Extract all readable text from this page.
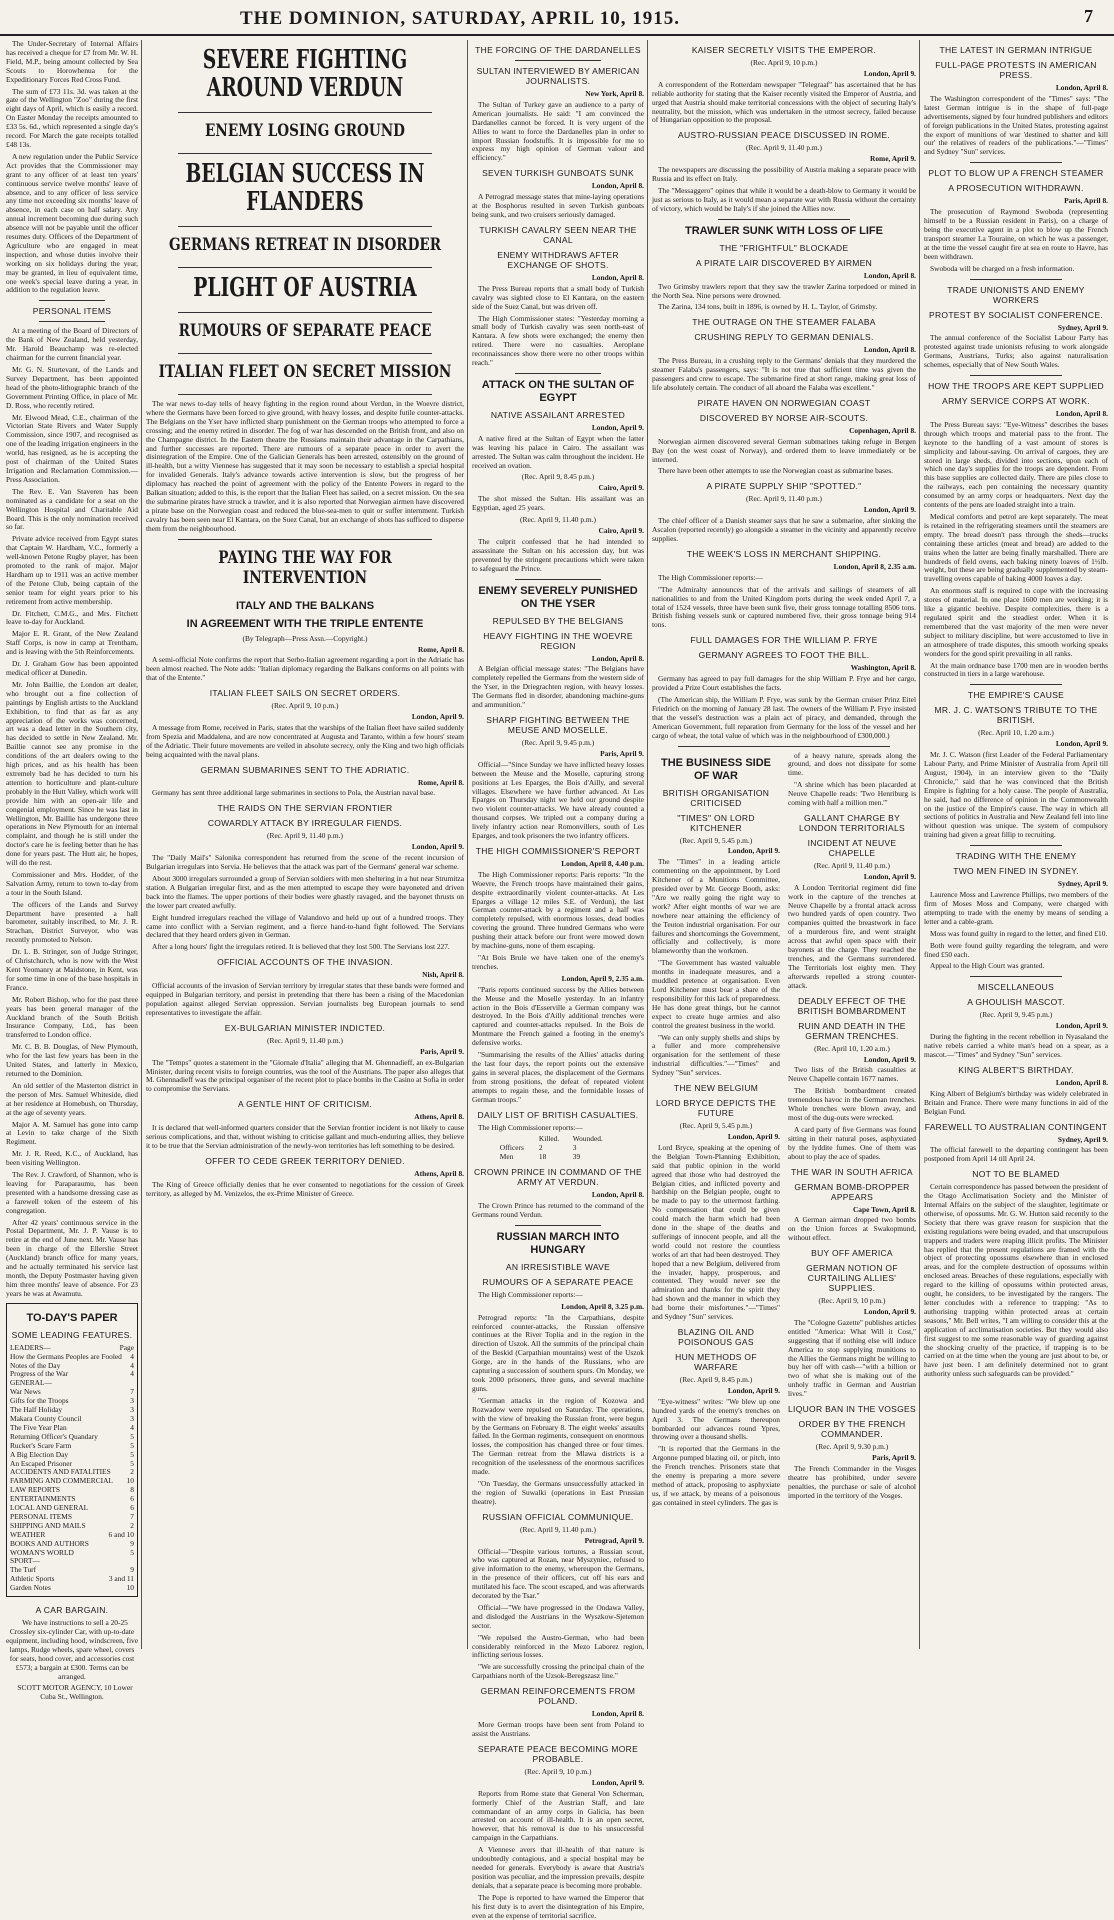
THE DOMINION, SATURDAY, APRIL 10, 1915.	7

The Under-Secretary of Internal Affairs has received a cheque for £7 from Mr. W. H. Field, M.P., being amount collected by Sea Scouts to Horowhenua for the Expeditionary Forces Red Cross Fund.

The sum of £73 11s. 3d. was taken at the gate of the Wellington "Zoo" during the first eight days of April, which is easily a record. On Easter Monday the receipts amounted to £33 5s. 6d., which represented a single day's record. For March the gate receipts totalled £48 13s.

A new regulation under the Public Service Act provides that the Commissioner may grant to any officer of at least ten years' continuous service twelve months' leave of absence, and to any officer of less service any time not exceeding six months' leave of absence, in each case on half salary. Any annual increment becoming due during such absence will not be payable until the officer resumes duty. Officers of the Department of Agriculture who are engaged in meat inspection, and whose duties involve their working on six holidays during the year, may be granted, in lieu of equivalent time, one week's special leave during a year, in addition to the regulation leave.

PERSONAL ITEMS

At a meeting of the Board of Directors of the Bank of New Zealand, held yesterday, Mr. Harold Beauchamp was re-elected chairman for the current financial year.

Mr. G. N. Sturtevant, of the Lands and Survey Department, has been appointed head of the photo-lithographic branch of the Government Printing Office, in place of Mr. D. Ross, who recently retired.

Mr. Elwood Mead, C.E., chairman of the Victorian State Rivers and Water Supply Commission, since 1907, and recognised as one of the leading irrigation engineers in the world, has resigned, as he is accepting the post of chairman of the United States Irrigation and Reclamation Commission.—Press Association.

The Rev. E. Van Staveren has been nominated as a candidate for a seat on the Wellington Hospital and Charitable Aid Board. This is the only nomination received so far.

Private advice received from Egypt states that Captain W. Hardham, V.C., formerly a well-known Petone Rugby player, has been promoted to the rank of major. Major Hardham up to 1911 was an active member of the Petone Club, being captain of the senior team for eight years prior to his retirement from active membership.

Dr. Fitchett, C.M.G., and Mrs. Fitchett leave to-day for Auckland.

Major E. R. Grant, of the New Zealand Staff Corps, is now in camp at Trentham, and is leaving with the 5th Reinforcements.

Dr. J. Graham Gow has been appointed medical officer at Dunedin.

Mr. John Baillie, the London art dealer, who brought out a fine collection of paintings by English artists to the Auckland Exhibition, to find that as far as any appreciation of the works was concerned, art was a dead letter in the Southern city, has decided to settle in New Zealand. Mr. Baillie cannot see any promise in the conditions of the art dealers owing to the high prices, and as his health has been extremely bad he has decided to turn his attention to horticulture and plant-culture probably in the Hutt Valley, which work will provide him with an open-air life and congenial employment. Since he was last in Wellington, Mr. Baillie has undergone three operations in New Plymouth for an internal complaint, and though he is still under the doctor's care he is feeling better than he has done for years past. The Hutt air, he hopes, will do the rest.

Commissioner and Mrs. Hodder, of the Salvation Army, return to town to-day from a tour in the South Island.

The officers of the Lands and Survey Department have presented a hall barometer, suitably inscribed, to Mr. J. R. Strachan, District Surveyor, who was recently promoted to Nelson.

Dr. L. B. Stringer, son of Judge Stringer, of Christchurch, who is now with the West Kent Yeomanry at Maidstone, in Kent, was for some time in one of the base hospitals in France.

Mr. Robert Bishop, who for the past three years has been general manager of the Auckland branch of the South British Insurance Company, Ltd., has been transferred to London office.

Mr. C. B. B. Douglas, of New Plymouth, who for the last few years has been in the United States, and latterly in Mexico, returned to the Dominion.

An old settler of the Masterton district in the person of Mrs. Samuel Whiteside, died at her residence at Homebush, on Thursday, at the age of seventy years.

Major A. M. Samuel has gone into camp at Levin to take charge of the Sixth Regiment.

Mr. J. R. Reed, K.C., of Auckland, has been visiting Wellington.

The Rev. J. Crawford, of Shannon, who is leaving for Paraparaumu, has been presented with a handsome dressing case as a farewell token of the esteem of his congregation.

After 42 years' continuous service in the Postal Department, Mr. J. P. Vause is to retire at the end of June next. Mr. Vause has been in charge of the Ellerslie Street (Auckland) branch office for many years, and he actually terminated his service last month, the Deputy Postmaster having given him three months' leave of absence. For 23 years he was at Awamutu.

TO-DAY'S PAPER
SOME LEADING FEATURES.
LEADERS—	Page
How the Germans Peoples are Fooled	4
Notes of the Day	4
Progress of the War	4
GENERAL—
War News	7
Gifts for the Troops	3
The Half Holiday	3
Makara County Council	3
The Five Year Plan	4
Returning Officer's Quandary	5
Rucker's Scare Farm	5
A Big Election Day	5
An Escaped Prisoner	5
ACCIDENTS AND FATALITIES	2
FARMING AND COMMERCIAL	10
LAW REPORTS	8
ENTERTAINMENTS	6
LOCAL AND GENERAL	6
PERSONAL ITEMS	7
SHIPPING AND MAILS	2
WEATHER	6 and 10
BOOKS AND AUTHORS	9
WOMAN'S WORLD	5
SPORT—
The Turf	9
Athletic Sports	3 and 11
Garden Notes	10
A CAR BARGAIN.

We have instructions to sell a 20-25 Crossley six-cylinder Car, with up-to-date equipment, including hood, windscreen, five lamps, Rudge wheels, spare wheel, covers for seats, hood cover, and accessories cost £573; a bargain at £300. Terms can be arranged.

SCOTT MOTOR AGENCY, 10 Lower Cuba St., Wellington.

SEVERE FIGHTING AROUND VERDUN
ENEMY LOSING GROUND
BELGIAN SUCCESS IN FLANDERS
GERMANS RETREAT IN DISORDER
PLIGHT OF AUSTRIA
RUMOURS OF SEPARATE PEACE
ITALIAN FLEET ON SECRET MISSION

The war news to-day tells of heavy fighting in the region round about Verdun, in the Woevre district, where the Germans have been forced to give ground, with heavy losses, and despite futile counter-attacks. The Belgians on the Yser have inflicted sharp punishment on the German troops who attempted to force a crossing; and the enemy retired in disorder. The fog of war has descended on the British front, and also on the Champagne district. In the Eastern theatre the Russians maintain their advantage in the Carpathians, and further successes are reported. There are rumours of a separate peace in order to avert the disintegration of the Empire. One of the Galician Generals has been arrested, ostensibly on the ground of ill-health, but a witty Viennese has suggested that it may soon be necessary to establish a special hospital for invalided Generals. Italy's advance towards active intervention is slow, but the progress of her diplomacy has reached the point of agreement with the policy of the Entente Powers in regard to the Balkan situation; added to this, is the report that the Italian Fleet has sailed, on a secret mission. On the sea the submarine pirates have struck a trawler, and it is also reported that Norwegian airmen have discovered a pirate base on the Norwegian coast and reduced the blue-sea-men to quit or suffer internment. Turkish cavalry has been seen near El Kantara, on the Suez Canal, but an exchange of shots has sufficed to disperse them from the neighbourhood.

PAYING THE WAY FOR INTERVENTION
ITALY AND THE BALKANS
IN AGREEMENT WITH THE TRIPLE ENTENTE
(By Telegraph—Press Assn.—Copyright.)
Rome, April 8.

A semi-official Note confirms the report that Serbo-Italian agreement regarding a port in the Adriatic has been almost reached. The Note adds: "Italian diplomacy regarding the Balkans conforms on all points with that of the Entente."

ITALIAN FLEET SAILS ON SECRET ORDERS.
(Rec. April 9, 10 p.m.)
London, April 9.

A message from Rome, received in Paris, states that the warships of the Italian fleet have sailed suddenly from Spezia and Maddalena, and are now concentrated at Augusta and Taranto, within a few hours' steam of the Adriatic. Their future movements are veiled in absolute secrecy, only the King and two high officials being acquainted with the naval plans.

GERMAN SUBMARINES SENT TO THE ADRIATIC.
Rome, April 8.

Germany has sent three additional large submarines in sections to Pola, the Austrian naval base.

THE RAIDS ON THE SERVIAN FRONTIER
COWARDLY ATTACK BY IRREGULAR FIENDS.
(Rec. April 9, 11.40 p.m.)
London, April 9.

The "Daily Mail's" Salonika correspondent has returned from the scene of the recent incursion of Bulgarian irregulars into Servia. He believes that the attack was part of the Germans' general war scheme.

About 3000 irregulars surrounded a group of Servian soldiers with men sheltering in a hut near Strumitza station. A Bulgarian irregular first, and as the men attempted to escape they were bayoneted and driven back into the flames. The upper portions of their bodies were ghastly ravaged, and the bayonet thrusts on the lower part created awfully.

Eight hundred irregulars reached the village of Valandovo and held up out of a hundred troops. They came into conflict with a Servian regiment, and a fierce hand-to-hand fight followed. The Servians declared that they heard orders given in German.

After a long hours' fight the irregulars retired. It is believed that they lost 500. The Servians lost 227.

OFFICIAL ACCOUNTS OF THE INVASION.
Nish, April 8.

Official accounts of the invasion of Servian territory by irregular states that these bands were formed and equipped in Bulgarian territory, and persist in pretending that there has been a rising of the Macedonian population against alleged Servian oppression. Servian journalists beg European journals to send representatives to investigate the affair.

EX-BULGARIAN MINISTER INDICTED.
(Rec. April 9, 11.40 p.m.)
Paris, April 9.

The "Temps" quotes a statement in the "Giornale d'Italia" alleging that M. Ghennadieff, an ex-Bulgarian Minister, during recent visits to foreign countries, was the tool of the Austrians. The paper also alleges that M. Ghennadieff was the principal organiser of the recent plot to place bombs in the Casino at Sofia in order to compromise the Servians.

A GENTLE HINT OF CRITICISM.
Athens, April 8.

It is declared that well-informed quarters consider that the Servian frontier incident is not likely to cause serious complications, and that, without wishing to criticise gallant and much-enduring allies, they believe it to be true that the Servian administration of the newly-won territories has left something to be desired.

OFFER TO CEDE GREEK TERRITORY DENIED.
Athens, April 8.

The King of Greece officially denies that he ever consented to negotiations for the cession of Greek territory, as alleged by M. Venizelos, the ex-Prime Minister of Greece.

THE FORCING OF THE DARDANELLES
SULTAN INTERVIEWED BY AMERICAN JOURNALISTS.
New York, April 8.

The Sultan of Turkey gave an audience to a party of American journalists. He said: "I am convinced the Dardanelles cannot be forced. It is very urgent of the Allies to want to force the Dardanelles plan in order to import Russian foodstuffs. It is impossible for me to express my high opinion of German valour and efficiency."

SEVEN TURKISH GUNBOATS SUNK
London, April 8.

A Petrograd message states that mine-laying operations at the Bosphorus resulted in seven Turkish gunboats being sunk, and two cruisers seriously damaged.

TURKISH CAVALRY SEEN NEAR THE CANAL
ENEMY WITHDRAWS AFTER EXCHANGE OF SHOTS.
London, April 8.

The Press Bureau reports that a small body of Turkish cavalry was sighted close to El Kantara, on the eastern side of the Suez Canal, but was driven off.

The High Commissioner states: "Yesterday morning a small body of Turkish cavalry was seen north-east of Kantara. A few shots were exchanged; the enemy then retired. There were no casualties. Aeroplane reconnaissances show there were no other troops within reach."

ATTACK ON THE SULTAN OF EGYPT
NATIVE ASSAILANT ARRESTED
London, April 9.

A native fired at the Sultan of Egypt when the latter was leaving his palace in Cairo. The assailant was arrested. The Sultan was calm throughout the incident. He received an ovation.

(Rec. April 9, 8.45 p.m.)
Cairo, April 9.

The shot missed the Sultan. His assailant was an Egyptian, aged 25 years.

(Rec. April 9, 11.40 p.m.)
Cairo, April 9.

The culprit confessed that he had intended to assassinate the Sultan on his accession day, but was prevented by the stringent precautions which were taken to safeguard the Prince.

ENEMY SEVERELY PUNISHED ON THE YSER
REPULSED BY THE BELGIANS
HEAVY FIGHTING IN THE WOEVRE REGION
London, April 8.

A Belgian official message states: "The Belgians have completely repelled the Germans from the western side of the Yser, in the Driegrachten region, with heavy losses. The Germans fled in disorder, abandoning machine-guns and ammunition."

SHARP FIGHTING BETWEEN THE MEUSE AND MOSELLE.
(Rec. April 9, 9.45 p.m.)
Paris, April 9.

Official—"Since Sunday we have inflicted heavy losses between the Meuse and the Moselle, capturing strong positions at Les Eparges, the Bois d'Ailly, and several villages. Elsewhere we have further advanced. At Les Eparges on Thursday night we held our ground despite two violent counter-attacks. We have already counted a thousand corpses. We tripled out a company during a lively infantry action near Romonvillers, south of Les Eparges, and took prisoners the two infantry officers.

THE HIGH COMMISSIONER'S REPORT
London, April 8, 4.40 p.m.

The High Commissioner reports: Paris reports: "In the Woevre, the French troops have maintained their gains, despite extraordinarily violent counter-attacks. At Les Eparges a village 12 miles S.E. of Verdun), the last German counter-attack by a regiment and a half was completely repulsed, with enormous losses, dead bodies covering the ground. Three hundred Germans who were pushing their attack before our front were mowed down by machine-guns, none of them escaping.

"At Bois Brule we have taken one of the enemy's trenches.

London, April 9, 2.35 a.m.

"Paris reports continued success by the Allies between the Meuse and the Moselle yesterday. In an infantry action in the Bois d'Esserville a German company was destroyed. In the Bois d'Ailly additional trenches were captured and counter-attacks repulsed. In the Bois de Montmare the French gained a footing in the enemy's defensive works.

"Summarising the results of the Allies' attacks during the last four days, the report points out the extensive gains in several places, the displacement of the Germans from strong positions, the defeat of repeated violent attempts to regain these, and the formidable losses of German troops."

DAILY LIST OF BRITISH CASUALTIES.

The High Commissioner reports:—

	Killed.	Wounded.
Officers	2	3
Men	18	39
CROWN PRINCE IN COMMAND OF THE ARMY AT VERDUN.
London, April 8.

The Crown Prince has returned to the command of the Germans round Verdun.

RUSSIAN MARCH INTO HUNGARY
AN IRRESISTIBLE WAVE
RUMOURS OF A SEPARATE PEACE

The High Commissioner reports:—

London, April 8, 3.25 p.m.

Petrograd reports: "In the Carpathians, despite reinforced counter-attacks, the Russian offensive continues at the River Toplia and in the region in the direction of Uszok. All the summits of the principal chain of the Beskid (Carpathian mountains) west of the Uszok Gorge, are in the hands of the Russians, who are capturing a succession of southern spurs. On Monday, we took 2000 prisoners, three guns, and several machine guns.

"German attacks in the region of Kozowa and Rozwadow were repulsed on Saturday. The operations, with the view of breaking the Russian front, were begun by the Germans on February 8. The eight weeks' assaults failed. In the German regiments, consequent on enormous losses, the composition has changed three or four times. The German retreat from the Mlawa districts is a recognition of the uselessness of the enormous sacrifices made.

"On Tuesday, the Germans unsuccessfully attacked in the region of Suwalki (operations in East Prussian theatre).

RUSSIAN OFFICIAL COMMUNIQUE.
(Rec. April 9, 11.40 p.m.)
Petrograd, April 9.

Official—"Despite various tortures, a Russian scout, who was captured at Rozan, near Myszyniec, refused to give information to the enemy, whereupon the Germans, in the presence of their officers, cut off his ears and mutilated his face. The scout escaped, and was afterwards decorated by the Tsar."

Official—"We have progressed in the Ondawa Valley, and dislodged the Austrians in the Wyszkow-Sjetemon sector.

"We repulsed the Austro-German, who had been considerably reinforced in the Mezo Laborez region, inflicting serious losses.

"We are successfully crossing the principal chain of the Carpathians north of the Uzsok-Beregszasz line."

GERMAN REINFORCEMENTS FROM POLAND.
London, April 8.

More German troops have been sent from Poland to assist the Austrians.

SEPARATE PEACE BECOMING MORE PROBABLE.
(Rec. April 9, 10 p.m.)
London, April 9.

Reports from Rome state that General Von Scherman, formerly Chief of the Austrian Staff, and late commandant of an army corps in Galicia, has been arrested on account of ill-health. It is an open secret, however, that his removal is due to his unsuccessful campaign in the Carpathians.

A Viennese avers that ill-health of that nature is undoubtedly contagious, and a special hospital may be needed for generals. Everybody is aware that Austria's position was peculiar, and the impression prevails, despite denials, that a separate peace is becoming more probable.

The Pope is reported to have warned the Emperor that his first duty is to avert the disintegration of his Empire, even at the expense of territorial sacrifice.

KAISER SECRETLY VISITS THE EMPEROR.
(Rec. April 9, 10 p.m.)
London, April 9.

A correspondent of the Rotterdam newspaper "Telegraaf" has ascertained that he has reliable authority for stating that the Kaiser recently visited the Emperor of Austria, and urged that Austria should make territorial concessions with the object of securing Italy's neutrality, but the mission, which was undertaken in the utmost secrecy, failed because of Hungarian opposition to the proposal.

AUSTRO-RUSSIAN PEACE DISCUSSED IN ROME.
(Rec. April 9, 11.40 p.m.)
Rome, April 9.

The newspapers are discussing the possibility of Austria making a separate peace with Russia and its effect on Italy.

The "Messaggero" opines that while it would be a death-blow to Germany it would be just as serious to Italy, as it would mean a separate war with Russia without the certainty of victory, which would be Italy's if she joined the Allies now.

TRAWLER SUNK WITH LOSS OF LIFE
THE "FRIGHTFUL" BLOCKADE
A PIRATE LAIR DISCOVERED BY AIRMEN
London, April 8.

Two Grimsby trawlers report that they saw the trawler Zarina torpedoed or mined in the North Sea. Nine persons were drowned.

The Zarina, 134 tons, built in 1896, is owned by H. L. Taylor, of Grimsby.

THE OUTRAGE ON THE STEAMER FALABA
CRUSHING REPLY TO GERMAN DENIALS.
London, April 8.

The Press Bureau, in a crushing reply to the Germans' denials that they murdered the steamer Falaba's passengers, says: "It is not true that sufficient time was given the passengers and crew to escape. The submarine fired at short range, making great loss of life absolutely certain. The conduct of all aboard the Falaba was excellent."

PIRATE HAVEN ON NORWEGIAN COAST
DISCOVERED BY NORSE AIR-SCOUTS.
Copenhagen, April 8.

Norwegian airmen discovered several German submarines taking refuge in Bergen Bay (on the west coast of Norway), and ordered them to leave immediately or be interned.

There have been other attempts to use the Norwegian coast as submarine bases.

A PIRATE SUPPLY SHIP "SPOTTED."
(Rec. April 9, 11.40 p.m.)
London, April 9.

The chief officer of a Danish steamer says that he saw a submarine, after sinking the Ascalon (reported recently) go alongside a steamer in the vicinity and apparently receive supplies.

THE WEEK'S LOSS IN MERCHANT SHIPPING.
London, April 8, 2.35 a.m.

The High Commissioner reports:—

"The Admiralty announces that of the arrivals and sailings of steamers of all nationalities to and from the United Kingdom ports during the week ended April 7, a total of 1524 vessels, three have been sunk five, their gross tonnage totalling 8506 tons. British fishing vessels sunk or captured numbered five, their gross tonnage being 914 tons.

FULL DAMAGES FOR THE WILLIAM P. FRYE
GERMANY AGREES TO FOOT THE BILL.
Washington, April 8.

Germany has agreed to pay full damages for the ship William P. Frye and her cargo, provided a Prize Court establishes the facts.

(The American ship, the William P. Frye, was sunk by the German cruiser Prinz Eitel Friedrich on the morning of January 28 last. The owners of the William P. Frye insisted that the vessel's destruction was a plain act of piracy, and demanded, through the American Government, full reparation from Germany for the loss of the vessel and her cargo of wheat, the total value of which was in the neighbourhood of £300,000.)

THE BUSINESS SIDE OF WAR
BRITISH ORGANISATION CRITICISED
"TIMES" ON LORD KITCHENER
(Rec. April 9, 5.45 p.m.)
London, April 9.

The "Times" in a leading article commenting on the appointment, by Lord Kitchener of a Munitions Committee, presided over by Mr. George Booth, asks: "Are we really going the right way to work? After eight months of war we are nowhere near attaining the efficiency of the Teuton industrial organisation. For our failures and shortcomings the Government, officially and collectively, is more blameworthy than the workmen.

"The Government has wasted valuable months in inadequate measures, and a muddled pretence at organisation. Even Lord Kitchener must bear a share of the responsibility for this lack of preparedness. He has done great things, but he cannot expect to create huge armies and also control the greatest business in the world.

"We can only supply shells and ships by a fuller and more comprehensive organisation for the settlement of these industrial difficulties."—"Times" and Sydney "Sun" services.

THE NEW BELGIUM
LORD BRYCE DEPICTS THE FUTURE
(Rec. April 9, 5.45 p.m.)
London, April 9.

Lord Bryce, speaking at the opening of the Belgian Town-Planning Exhibition, said that public opinion in the world agreed that those who had destroyed the Belgian cities, and inflicted poverty and hardship on the Belgian people, ought to be made to pay to the uttermost farthing. No compensation that could be given could match the harm which had been done in the shape of the deaths and sufferings of innocent people, and all the world could not restore the countless works of art that had been destroyed. They hoped that a new Belgium, delivered from the invader, happy, prosperous, and contented. They would never see the admiration and thanks for the spirit they had shown and the manner in which they had borne their misfortunes."—"Times" and Sydney "Sun" services.

BLAZING OIL AND POISONOUS GAS
HUN METHODS OF WARFARE
(Rec. April 9, 8.45 p.m.)
London, April 9.

"Eye-witness" writes: "We blew up one hundred yards of the enemy's trenches on April 3. The Germans thereupon bombarded our advances round Ypres, throwing over a thousand shells.

"It is reported that the Germans in the Argonne pumped blazing oil, or pitch, into the French trenches. Prisoners state that the enemy is preparing a more severe method of attack, proposing to asphyxiate us, if we attack, by means of a poisonous gas contained in steel cylinders. The gas is

of a heavy nature, spreads along the ground, and does not dissipate for some time.

"A shrine which has been placarded at Neuve Chapelle reads: 'Two Henriburg is coming with half a million men.'"

GALLANT CHARGE BY LONDON TERRITORIALS
INCIDENT AT NEUVE CHAPELLE
(Rec. April 9, 11.40 p.m.)
London, April 9.

A London Territorial regiment did fine work in the capture of the trenches at Neuve Chapelle by a frontal attack across two hundred yards of open country. Two companies quitted the breastwork in face of a murderous fire, and went straight across that awful open space with their bayonets at the charge. They reached the trenches, and the Germans surrendered. The Territorials lost eighty men. They afterwards repelled a strong counter-attack.

DEADLY EFFECT OF THE BRITISH BOMBARDMENT
RUIN AND DEATH IN THE GERMAN TRENCHES.
(Rec. April 10, 1.20 a.m.)
London, April 9.

Two lists of the British casualties at Neuve Chapelle contain 1677 names.

The British bombardment created tremendous havoc in the German trenches. Whole trenches were blown away, and most of the dug-outs were wrecked.

A card party of five Germans was found sitting in their natural poses, asphyxiated by the lyddite fumes. One of them was about to play the ace of spades.

THE WAR IN SOUTH AFRICA
GERMAN BOMB-DROPPER APPEARS
Cape Town, April 8.

A German airman dropped two bombs on the Union forces at Swakopmund, without effect.

BUY OFF AMERICA
GERMAN NOTION OF CURTAILING ALLIES' SUPPLIES.
(Rec. April 9, 10 p.m.)
London, April 9.

The "Cologne Gazette" publishes articles entitled "America: What Will it Cost," suggesting that if nothing else will induce America to stop supplying munitions to the Allies the Germans might be willing to buy her off with cash—"with a billion or two of what she is making out of the unholy traffic in German and Austrian lives."

LIQUOR BAN IN THE VOSGES
ORDER BY THE FRENCH COMMANDER.
(Rec. April 9, 9.30 p.m.)
Paris, April 9.

The French Commander in the Vosges theatre has prohibited, under severe penalties, the purchase or sale of alcohol imported in the territory of the Vosges.

THE LATEST IN GERMAN INTRIGUE
FULL-PAGE PROTESTS IN AMERICAN PRESS.
London, April 8.

The Washington correspondent of the "Times" says: "The latest German intrigue is in the shape of full-page advertisements, signed by four hundred publishers and editors of foreign publications in the United States, protesting against the export of munitions of war 'destined to shatter and kill our' the relatives of readers of the publications."—"Times" and Sydney "Sun" services.

PLOT TO BLOW UP A FRENCH STEAMER
A PROSECUTION WITHDRAWN.
Paris, April 8.

The prosecution of Raymond Swoboda (representing himself to be a Russian resident in Paris), on a charge of being the executive agent in a plot to blow up the French transport steamer La Touraine, on which he was a passenger, at the time the vessel caught fire at sea en route to Havre, has been withdrawn.

Swoboda will be charged on a fresh information.

TRADE UNIONISTS AND ENEMY WORKERS
PROTEST BY SOCIALIST CONFERENCE.
Sydney, April 9.

The annual conference of the Socialist Labour Party has protested against trade unionists refusing to work alongside Germans, Austrians, Turks; also against naturalisation schemes, especially that of New South Wales.

HOW THE TROOPS ARE KEPT SUPPLIED
ARMY SERVICE CORPS AT WORK.
London, April 8.

The Press Bureau says: "Eye-Witness" describes the bases through which troops and material pass to the front. The keynote to the handling of a vast amount of stores is simplicity and labour-saving. On arrival of cargoes, they are stored in large sheds, divided into sections, upon each of which one day's supplies for the troops are dependent. From this base supplies are collected daily. There are piles close to the railways, each pen containing the necessary quantity consumed by an army corps or headquarters. Next day the contents of the pens are loaded straight into a train.

Medical comforts and petrol are kept separately. The meat is retained in the refrigerating steamers until the steamers are empty. The bread doesn't pass through the sheds—trucks containing these articles (meat and bread) are added to the trains when the latter are being finally marshalled. There are hundreds of field ovens, each baking ninety loaves of 1½lb. weight, but these are being gradually supplemented by steam-travelling ovens capable of baking 4000 loaves a day.

An enormous staff is required to cope with the increasing stores of material. In one place 1600 men are working; it is like a gigantic beehive. Despite complexities, there is a regulated spirit and the steadiest order. When it is remembered that the vast majority of the men were never subject to military discipline, but were accustomed to live in an atmosphere of trade disputes, this smooth working speaks wonders for the good spirit prevailing in all ranks.

At the main ordnance base 1700 men are in wooden berths constructed in tiers in a large warehouse.

THE EMPIRE'S CAUSE
MR. J. C. WATSON'S TRIBUTE TO THE BRITISH.
(Rec. April 10, 1.20 a.m.)
London, April 9.

Mr. J. C. Watson (first Leader of the Federal Parliamentary Labour Party, and Prime Minister of Australia from April till August, 1904), in an interview given to the "Daily Chronicle," said that he was convinced that the British Empire is fighting for a holy cause. The people of Australia, he said, had no difference of opinion in the Commonwealth on the justice of the Empire's cause. The way in which all sections of politics in Australia and New Zealand fell into line without question was unique. The system of compulsory training had given a great fillip to recruiting.

TRADING WITH THE ENEMY
TWO MEN FINED IN SYDNEY.
Sydney, April 9.

Laurence Moss and Lawrence Phillips, two members of the firm of Moses Moss and Company, were charged with attempting to trade with the enemy by means of sending a letter and a cable-gram.

Moss was found guilty in regard to the letter, and fined £10.

Both were found guilty regarding the telegram, and were fined £50 each.

Appeal to the High Court was granted.

MISCELLANEOUS
A GHOULISH MASCOT.
(Rec. April 9, 9.45 p.m.)
London, April 9.

During the fighting in the recent rebellion in Nyasaland the native rebels carried a white man's head on a spear, as a mascot.—"Times" and Sydney "Sun" services.

KING ALBERT'S BIRTHDAY.
London, April 8.

King Albert of Belgium's birthday was widely celebrated in Britain and France. There were many functions in aid of the Belgian Fund.

FAREWELL TO AUSTRALIAN CONTINGENT
Sydney, April 9.

The official farewell to the departing contingent has been postponed from April 14 till April 24.

NOT TO BE BLAMED

Certain correspondence has passed between the president of the Otago Acclimatisation Society and the Minister of Internal Affairs on the subject of the slaughter, legitimate or otherwise, of opossums. Mr. G. W. Hutton said recently to the Society that there was grave reason for suspicion that the existing regulations were being evaded, and that unscrupulous trappers and traders were reaping illicit profits. The Minister has replied that the present regulations are framed with the object of protecting opossums elsewhere than in enclosed areas, and for the complete destruction of opossums within enclosed areas. Breaches of these regulations, especially with regard to the killing of opossums within protected areas, ought, he considers, to be investigated by the rangers. The letter concludes with a reference to trapping: "As to authorising trapping within protected areas at certain seasons," Mr. Bell writes, "I am willing to consider this at the application of acclimatisation societies. But they would also first suggest to me some reasonable way of guarding against the shocking cruelty of the practice, if trapping is to be carried on at the time when the young are just about to be, or have just been. I am definitely determined not to grant authority unless such safeguards can be provided."
